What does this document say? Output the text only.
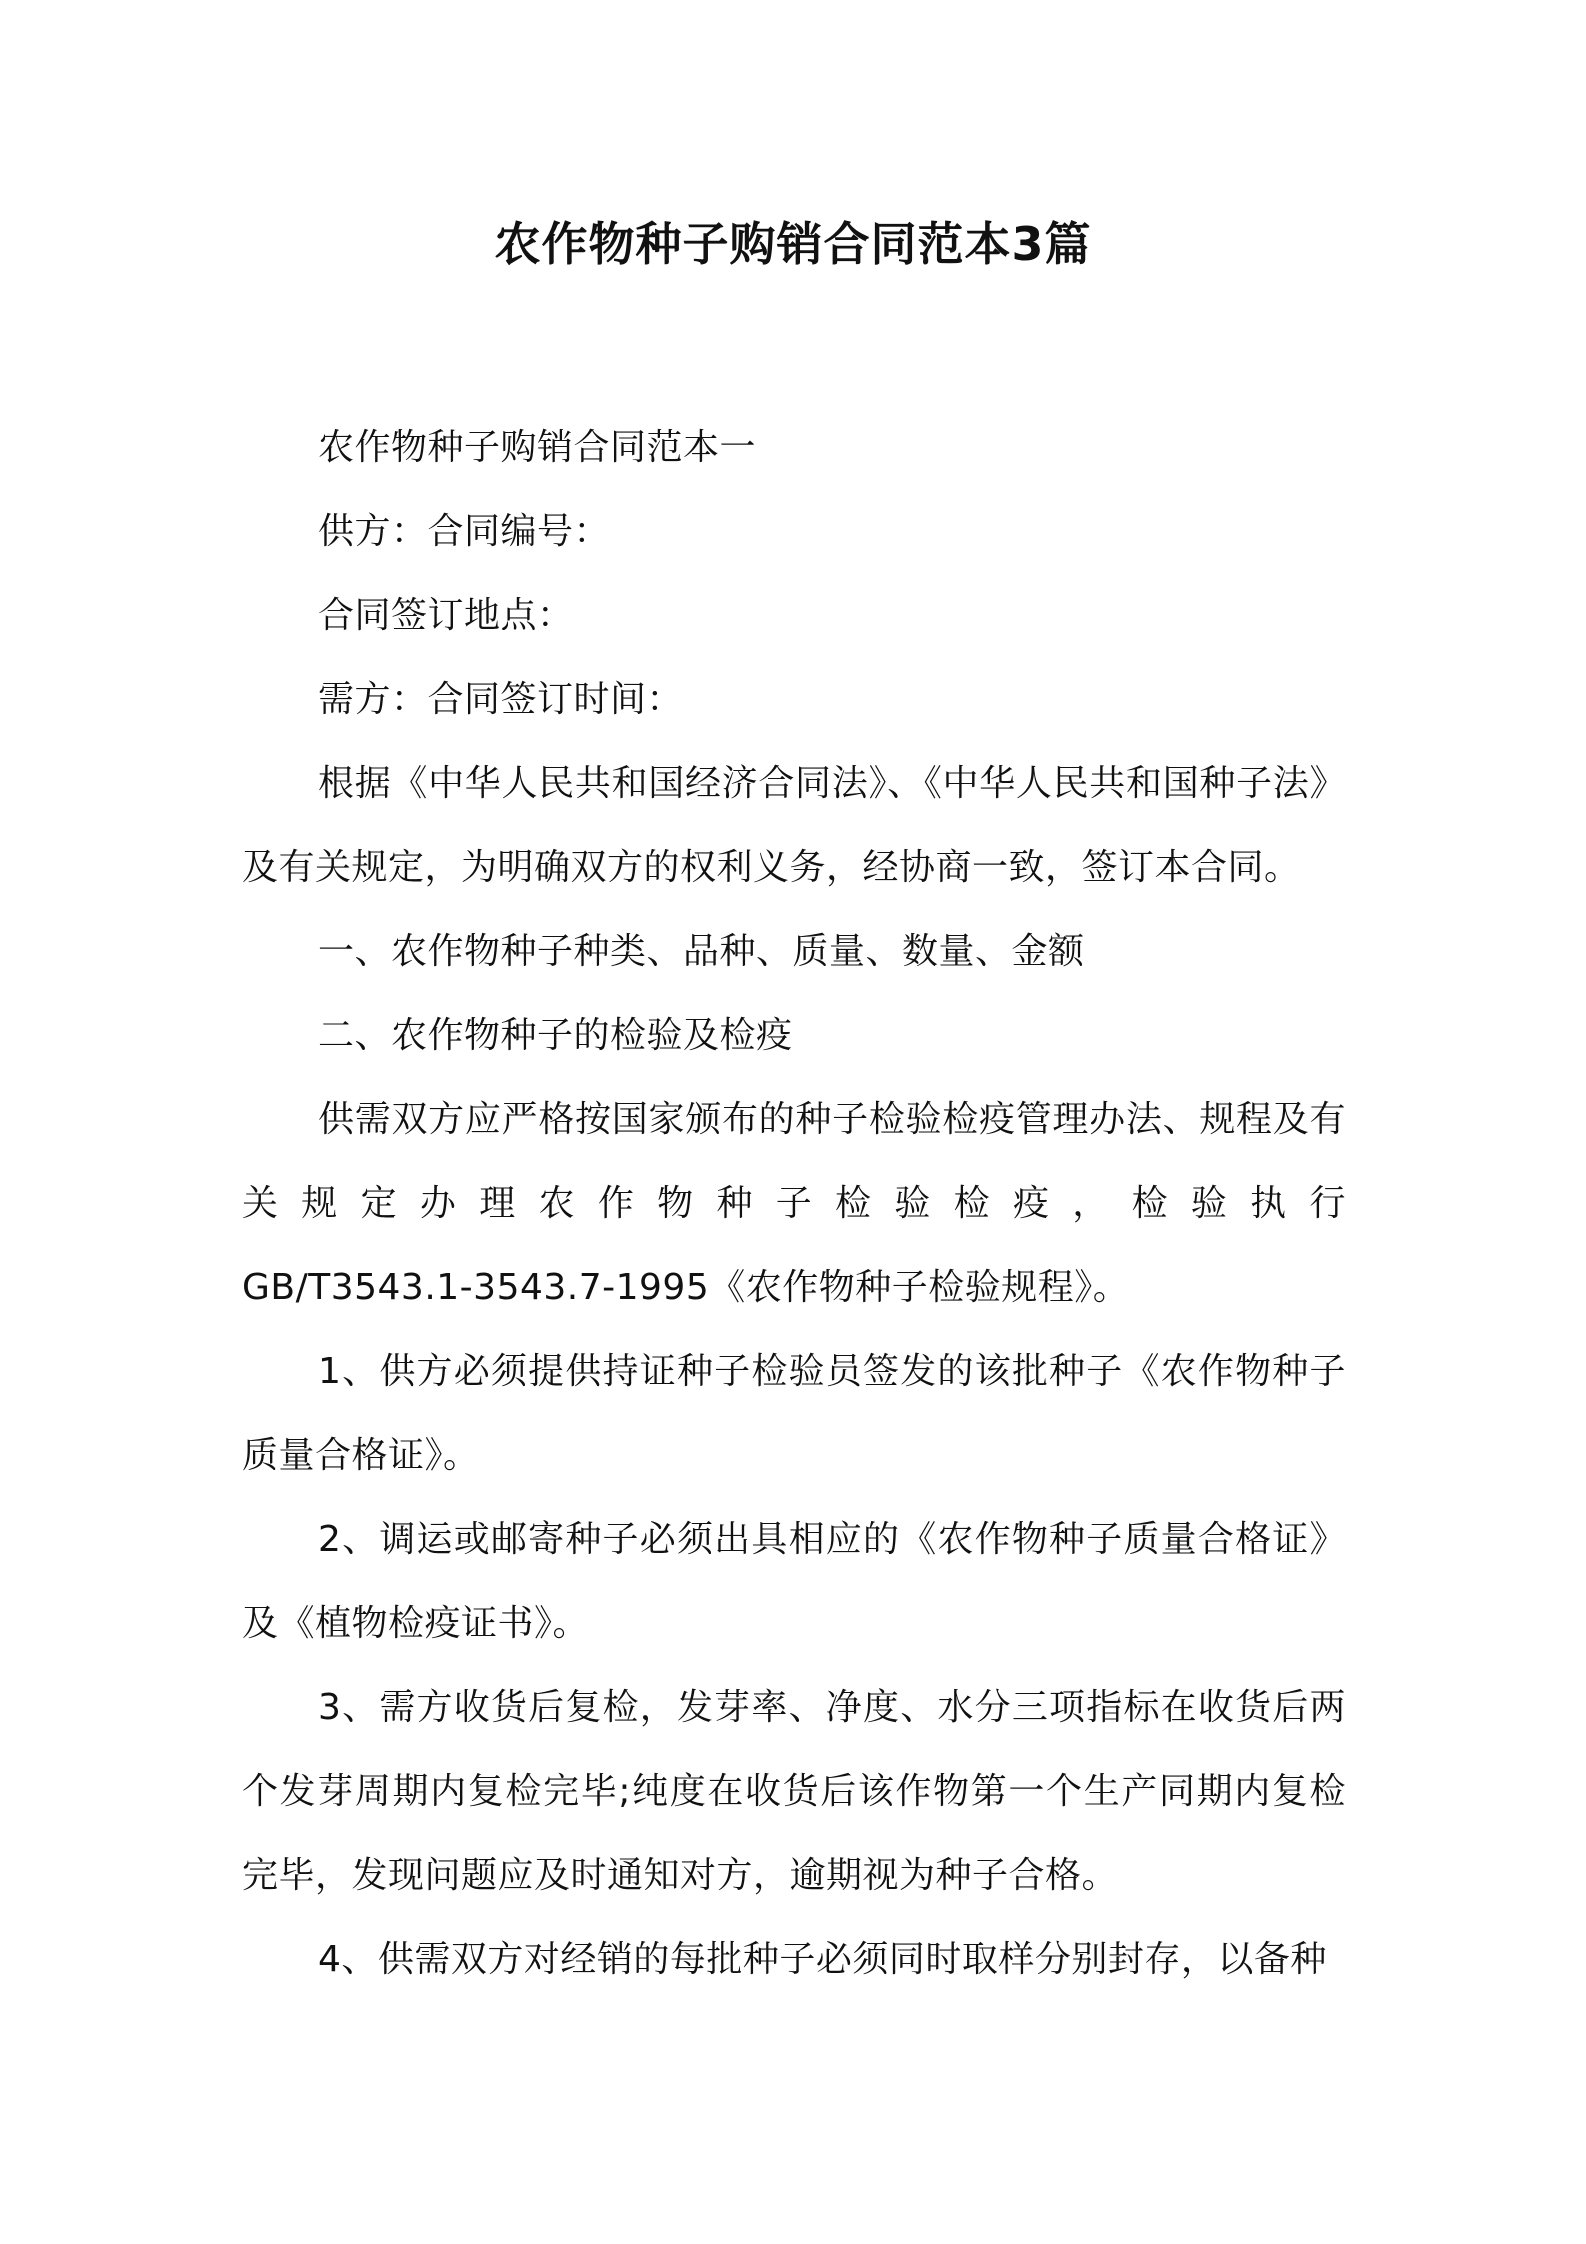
农作物种子购销合同范本3篇

农作物种子购销合同范本一

供方：合同编号：

合同签订地点：

需方：合同签订时间：

根据《中华人民共和国经济合同法》、《中华人民共和国种子法》及有关规定，为明确双方的权利义务，经协商一致，签订本合同。

一、农作物种子种类、品种、质量、数量、金额

二、农作物种子的检验及检疫

供需双方应严格按国家颁布的种子检验检疫管理办法、规程及有关规定办理农作物种子检验检疫，检验执行

GB/T3543.1-3543.7-1995《农作物种子检验规程》。

1、供方必须提供持证种子检验员签发的该批种子《农作物种子质量合格证》。

2、调运或邮寄种子必须出具相应的《农作物种子质量合格证》及《植物检疫证书》。

3、需方收货后复检，发芽率、净度、水分三项指标在收货后两个发芽周期内复检完毕;纯度在收货后该作物第一个生产同期内复检完毕，发现问题应及时通知对方，逾期视为种子合格。

4、供需双方对经销的每批种子必须同时取样分别封存，以备种
